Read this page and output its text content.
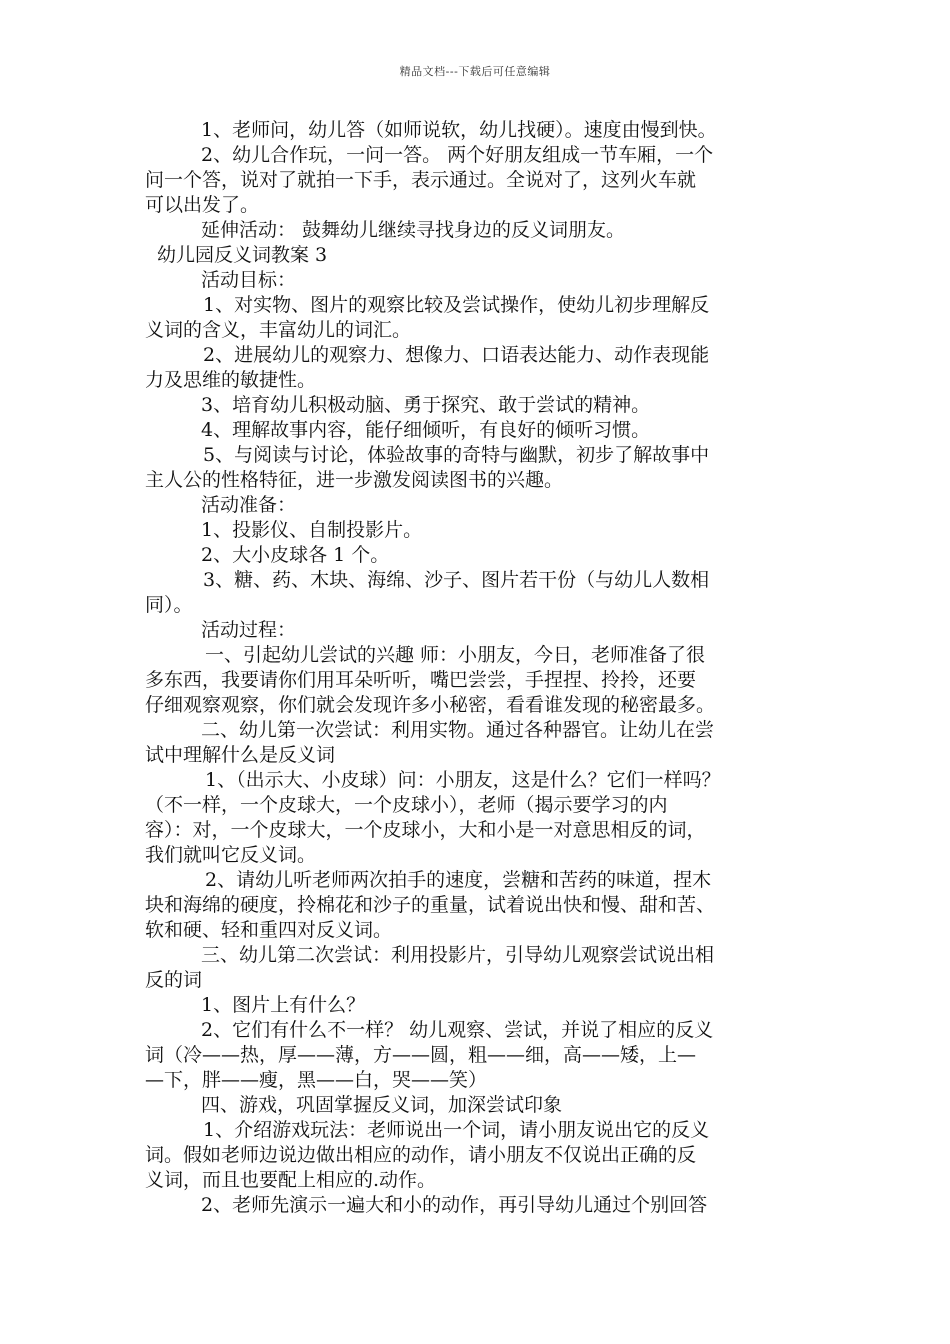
精品文档---下载后可任意编辑
1、老师问，幼儿答（如师说软，幼儿找硬）。速度由慢到快。
2、幼儿合作玩，一问一答。 两个好朋友组成一节车厢，一个
问一个答，说对了就拍一下手，表示通过。全说对了，这列火车就
可以出发了。
延伸活动： 鼓舞幼儿继续寻找身边的反义词朋友。
幼儿园反义词教案 3
活动目标：
1、对实物、图片的观察比较及尝试操作，使幼儿初步理解反
义词的含义，丰富幼儿的词汇。
2、进展幼儿的观察力、想像力、口语表达能力、动作表现能
力及思维的敏捷性。
3、培育幼儿积极动脑、勇于探究、敢于尝试的精神。
4、理解故事内容，能仔细倾听，有良好的倾听习惯。
5、与阅读与讨论，体验故事的奇特与幽默，初步了解故事中
主人公的性格特征，进一步激发阅读图书的兴趣。
活动准备：
1、投影仪、自制投影片。
2、大小皮球各 1 个。
3、糖、药、木块、海绵、沙子、图片若干份（与幼儿人数相
同）。
活动过程：
一、引起幼儿尝试的兴趣 师：小朋友，今日，老师准备了很
多东西，我要请你们用耳朵听听，嘴巴尝尝，手捏捏、拎拎，还要
仔细观察观察，你们就会发现许多小秘密，看看谁发现的秘密最多。
二、幼儿第一次尝试：利用实物。通过各种器官。让幼儿在尝
试中理解什么是反义词
1、（出示大、小皮球）问：小朋友，这是什么？它们一样吗？
（不一样，一个皮球大，一个皮球小），老师（揭示要学习的内
容）：对，一个皮球大，一个皮球小，大和小是一对意思相反的词，
我们就叫它反义词。
2、请幼儿听老师两次拍手的速度，尝糖和苦药的味道，捏木
块和海绵的硬度，拎棉花和沙子的重量，试着说出快和慢、甜和苦、
软和硬、轻和重四对反义词。
三、幼儿第二次尝试：利用投影片，引导幼儿观察尝试说出相
反的词
1、图片上有什么？
2、它们有什么不一样？ 幼儿观察、尝试，并说了相应的反义
词（冷——热，厚——薄，方——圆，粗——细，高——矮，上—
—下，胖——瘦，黑——白，哭——笑）
四、游戏，巩固掌握反义词，加深尝试印象
1、介绍游戏玩法：老师说出一个词，请小朋友说出它的反义
词。假如老师边说边做出相应的动作，请小朋友不仅说出正确的反
义词，而且也要配上相应的.动作。
2、老师先演示一遍大和小的动作，再引导幼儿通过个别回答
